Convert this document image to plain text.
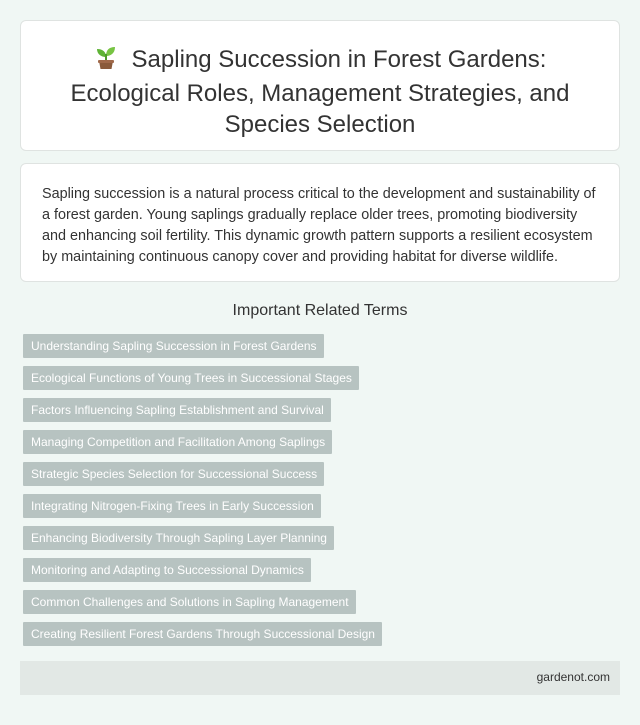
Sapling Succession in Forest Gardens: Ecological Roles, Management Strategies, and Species Selection

Sapling succession is a natural process critical to the development and sustainability of a forest garden. Young saplings gradually replace older trees, promoting biodiversity and enhancing soil fertility. This dynamic growth pattern supports a resilient ecosystem by maintaining continuous canopy cover and providing habitat for diverse wildlife.

Important Related Terms
Understanding Sapling Succession in Forest Gardens
Ecological Functions of Young Trees in Successional Stages
Factors Influencing Sapling Establishment and Survival
Managing Competition and Facilitation Among Saplings
Strategic Species Selection for Successional Success
Integrating Nitrogen-Fixing Trees in Early Succession
Enhancing Biodiversity Through Sapling Layer Planning
Monitoring and Adapting to Successional Dynamics
Common Challenges and Solutions in Sapling Management
Creating Resilient Forest Gardens Through Successional Design
gardenot.com
